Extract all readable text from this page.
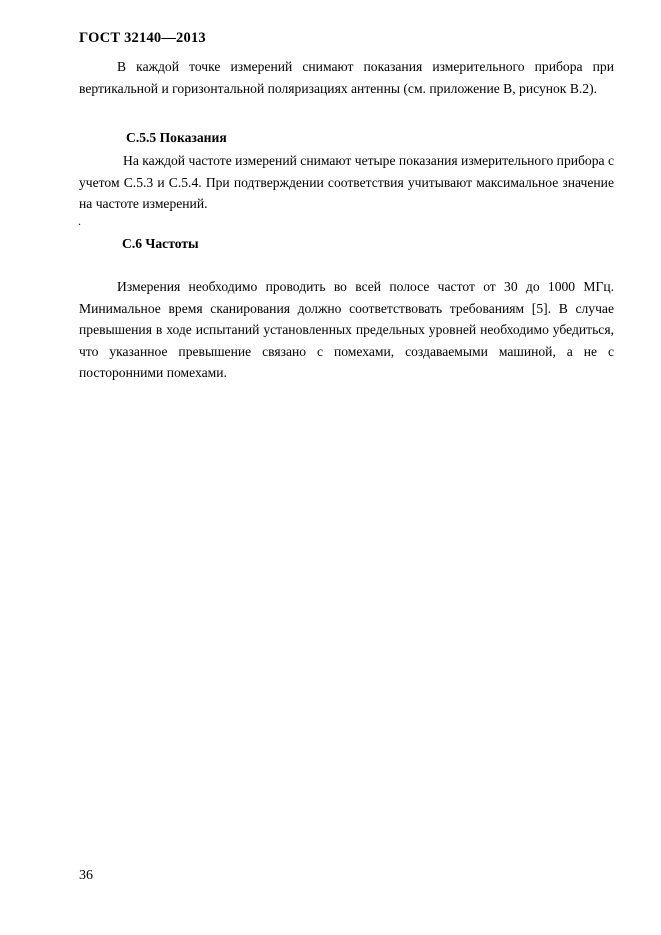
ГОСТ 32140—2013

В каждой точке измерений снимают показания измерительного прибора при вертикальной и горизонтальной поляризациях антенны (см. приложение В, рисунок В.2).

С.5.5 Показания

На каждой частоте измерений снимают четыре показания измерительного прибора с учетом С.5.3 и С.5.4. При подтверждении соответствия учитывают максимальное значение на частоте измерений.

.
С.6 Частоты

Измерения необходимо проводить во всей полосе частот от 30 до 1000 МГц. Минимальное время сканирования должно соответствовать требованиям [5]. В случае превышения в ходе испытаний установленных предельных уровней необходимо убедиться, что указанное превышение связано с помехами, создаваемыми машиной, а не с посторонними помехами.

36
